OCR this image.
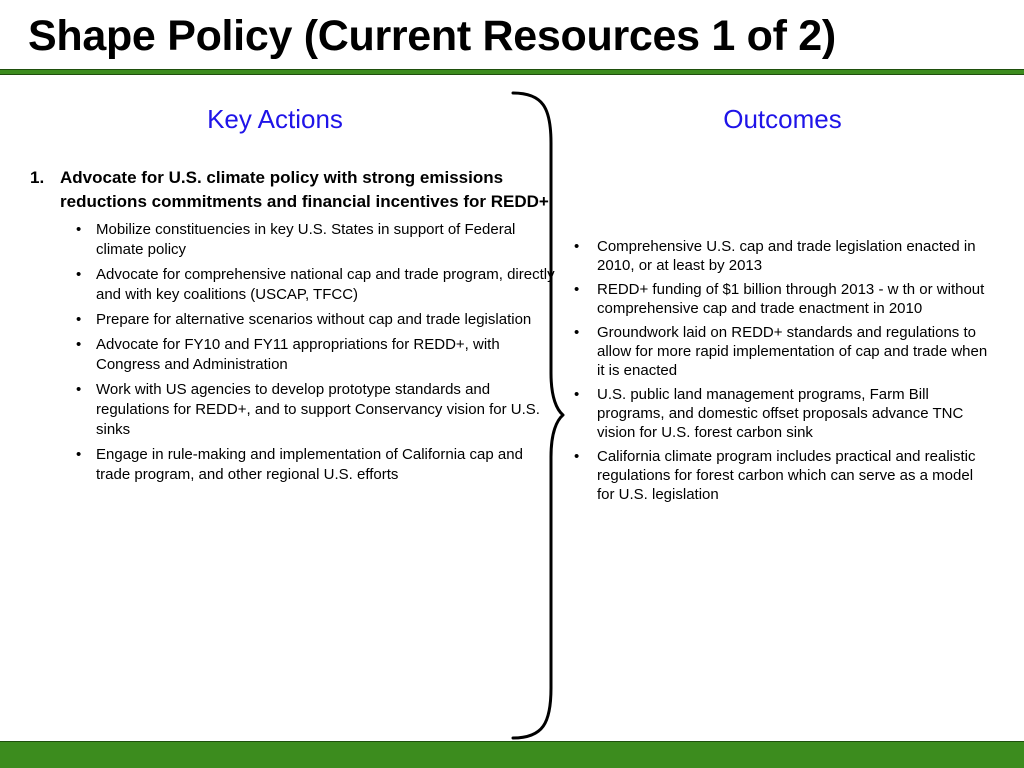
Shape Policy (Current Resources 1 of 2)
Key Actions	Outcomes
1. Advocate for U.S. climate policy with strong emissions reductions commitments and financial incentives for REDD+
• Mobilize constituencies in key U.S. States in support of Federal climate policy
• Advocate for comprehensive national cap and trade program, directly and with key coalitions (USCAP, TFCC)
• Prepare for alternative scenarios without cap and trade legislation
• Advocate for FY10 and FY11 appropriations for REDD+, with Congress and Administration
• Work with US agencies to develop prototype standards and regulations for REDD+, and to support Conservancy vision for U.S. sinks
• Engage in rule-making and implementation of California cap and trade program, and other regional U.S. efforts
• Comprehensive U.S. cap and trade legislation enacted in 2010, or at least by 2013
• REDD+ funding of $1 billion through 2013 - w th or without comprehensive cap and trade enactment in 2010
• Groundwork laid on REDD+ standards and regulations to allow for more rapid implementation of cap and trade when it is enacted
• U.S. public land management programs, Farm Bill programs, and domestic offset proposals advance TNC vision for U.S. forest carbon sink
• California climate program includes practical and realistic regulations for forest carbon which can serve as a model for U.S. legislation
